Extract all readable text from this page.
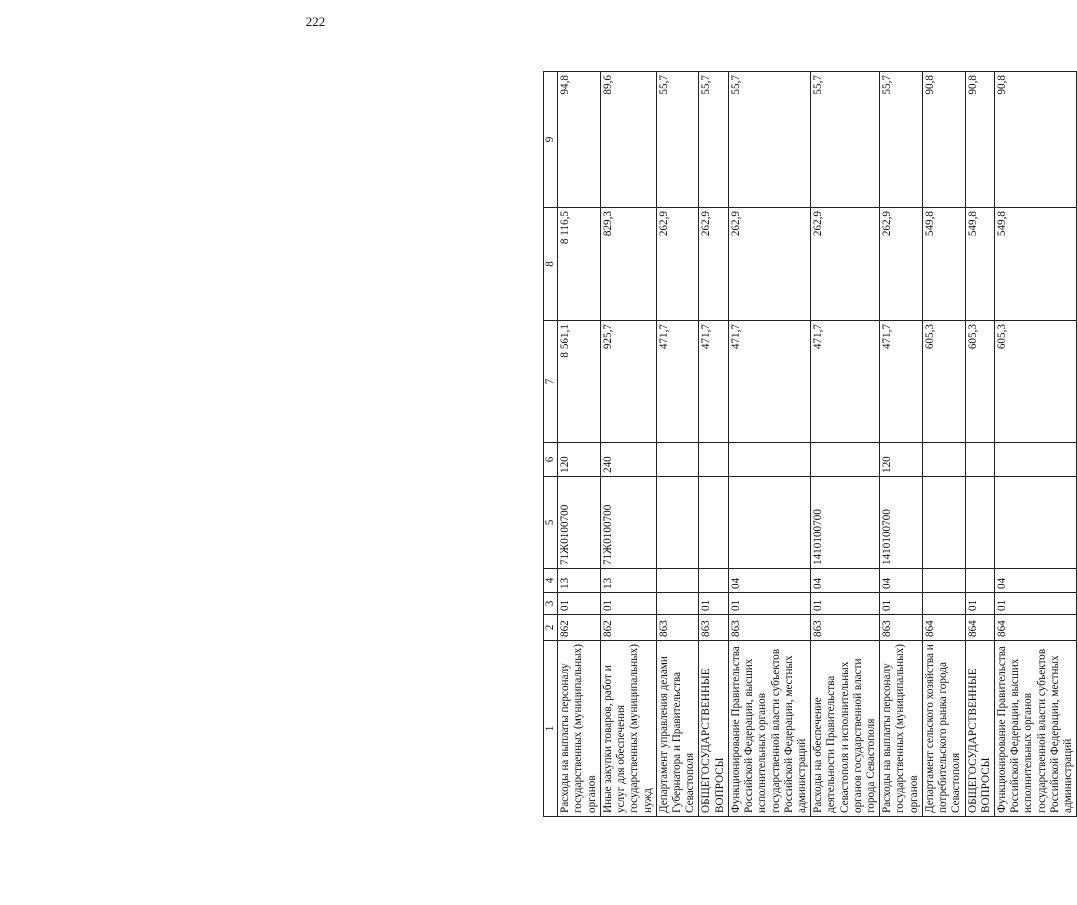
222
1	2	3	4	5	6	7	8	9
Расходы на выплаты персоналу государственных (муниципальных) органов	862	01	13	71Ж0100700	120	8 561,1	8 116,5	94,8
Иные закупки товаров, работ и услуг для обеспечения государственных (муниципальных) нужд	862	01	13	71Ж0100700	240	925,7	829,3	89,6
Департамент управления делами Губернатора и Правительства Севастополя	863					471,7	262,9	55,7
ОБЩЕГОСУДАРСТВЕННЫЕ ВОПРОСЫ	863	01				471,7	262,9	55,7
Функционирование Правительства Российской Федерации, высших исполнительных органов государственной власти субъектов Российской Федерации, местных администраций	863	01	04			471,7	262,9	55,7
Расходы на обеспечение деятельности Правительства Севастополя и исполнительных органов государственной власти города Севастополя	863	01	04	1410100700		471,7	262,9	55,7
Расходы на выплаты персоналу государственных (муниципальных) органов	863	01	04	1410100700	120	471,7	262,9	55,7
Департамент сельского хозяйства и потребительского рынка города Севастополя	864					605,3	549,8	90,8
ОБЩЕГОСУДАРСТВЕННЫЕ ВОПРОСЫ	864	01				605,3	549,8	90,8
Функционирование Правительства Российской Федерации, высших исполнительных органов государственной власти субъектов Российской Федерации, местных администраций	864	01	04			605,3	549,8	90,8
